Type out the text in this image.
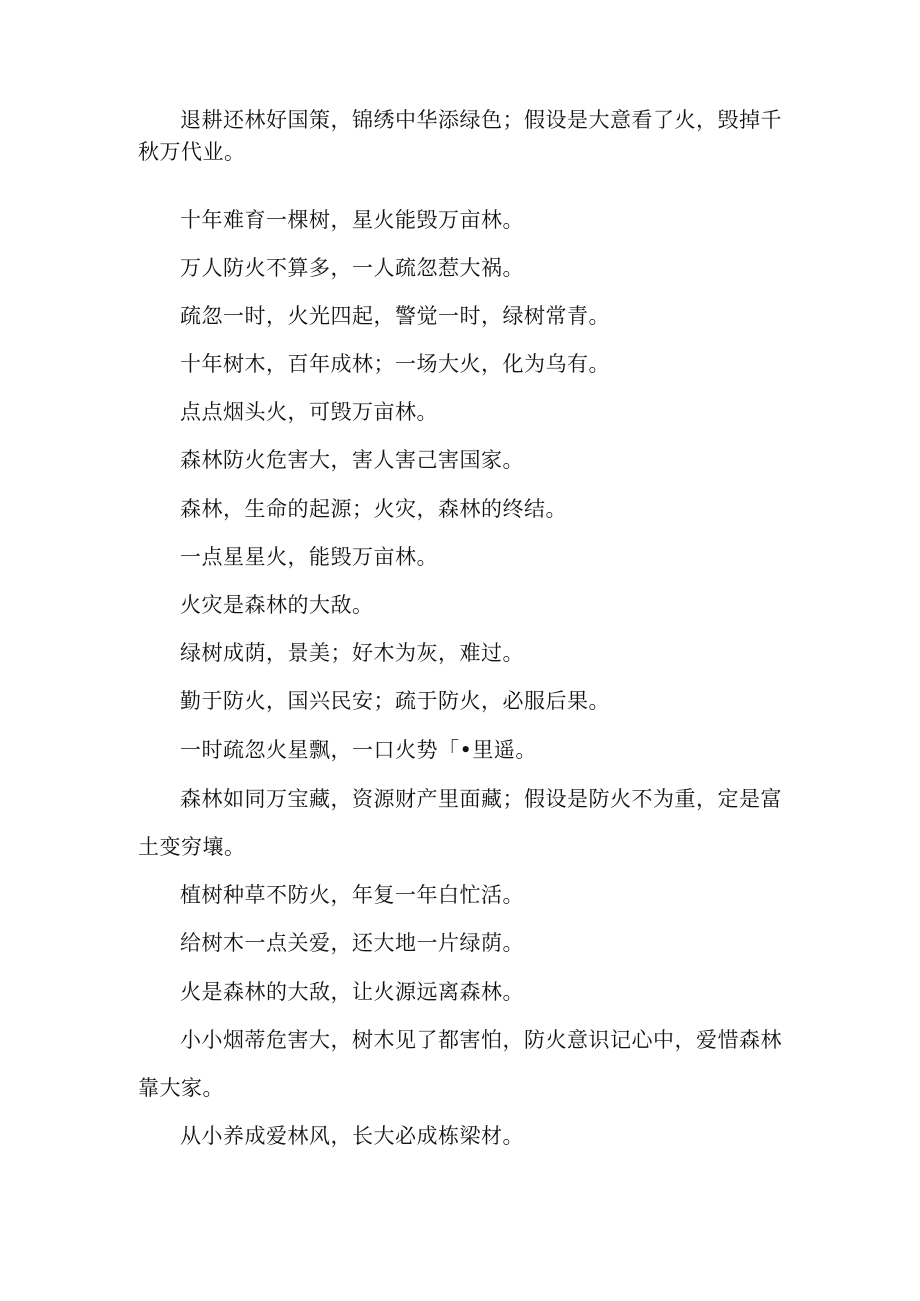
退耕还林好国策，锦绣中华添绿色；假设是大意看了火，毁掉千
秋万代业。
十年难育一棵树，星火能毁万亩林。
万人防火不算多，一人疏忽惹大祸。
疏忽一时，火光四起，警觉一时，绿树常青。
十年树木，百年成林；一场大火，化为乌有。
点点烟头火，可毁万亩林。
森林防火危害大，害人害己害国家。
森林，生命的起源；火灾，森林的终结。
一点星星火，能毁万亩林。
火灾是森林的大敌。
绿树成荫，景美；好木为灰，难过。
勤于防火，国兴民安；疏于防火，必服后果。
一时疏忽火星飘，一口火势「•里遥。
森林如同万宝藏，资源财产里面藏；假设是防火不为重，定是富
土变穷壤。
植树种草不防火，年复一年白忙活。
给树木一点关爱，还大地一片绿荫。
火是森林的大敌，让火源远离森林。
小小烟蒂危害大，树木见了都害怕，防火意识记心中，爱惜森林
靠大家。
从小养成爱林风，长大必成栋梁材。
